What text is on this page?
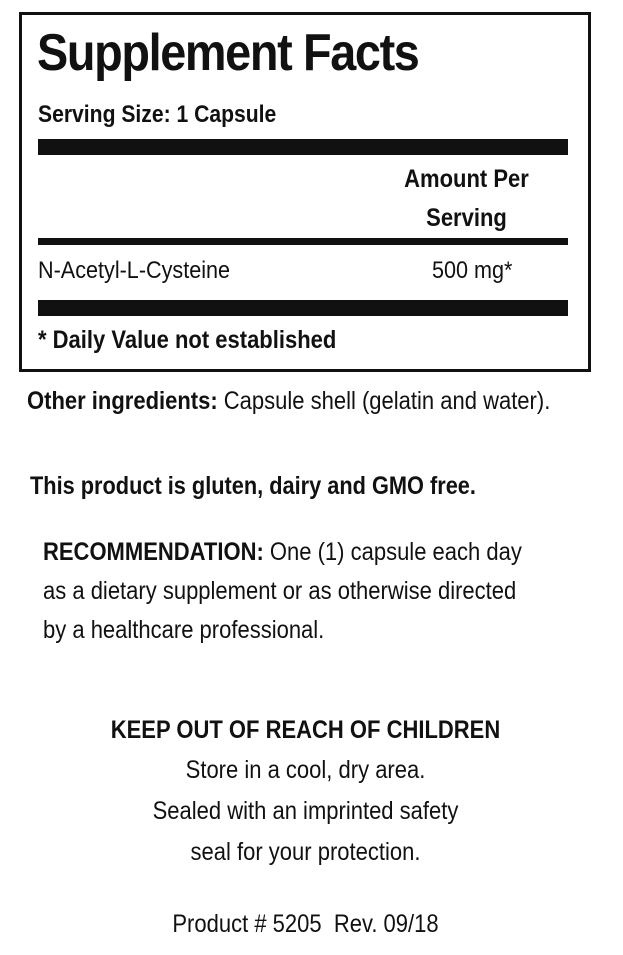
Supplement Facts
Serving Size: 1 Capsule
Amount Per
Serving
N-Acetyl-L-Cysteine	500 mg*
* Daily Value not established
Other ingredients: Capsule shell (gelatin and water).
This product is gluten, dairy and GMO free.
RECOMMENDATION: One (1) capsule each day as a dietary supplement or as otherwise directed by a healthcare professional.
KEEP OUT OF REACH OF CHILDREN
Store in a cool, dry area.
Sealed with an imprinted safety
seal for your protection.
Product # 5205  Rev. 09/18
